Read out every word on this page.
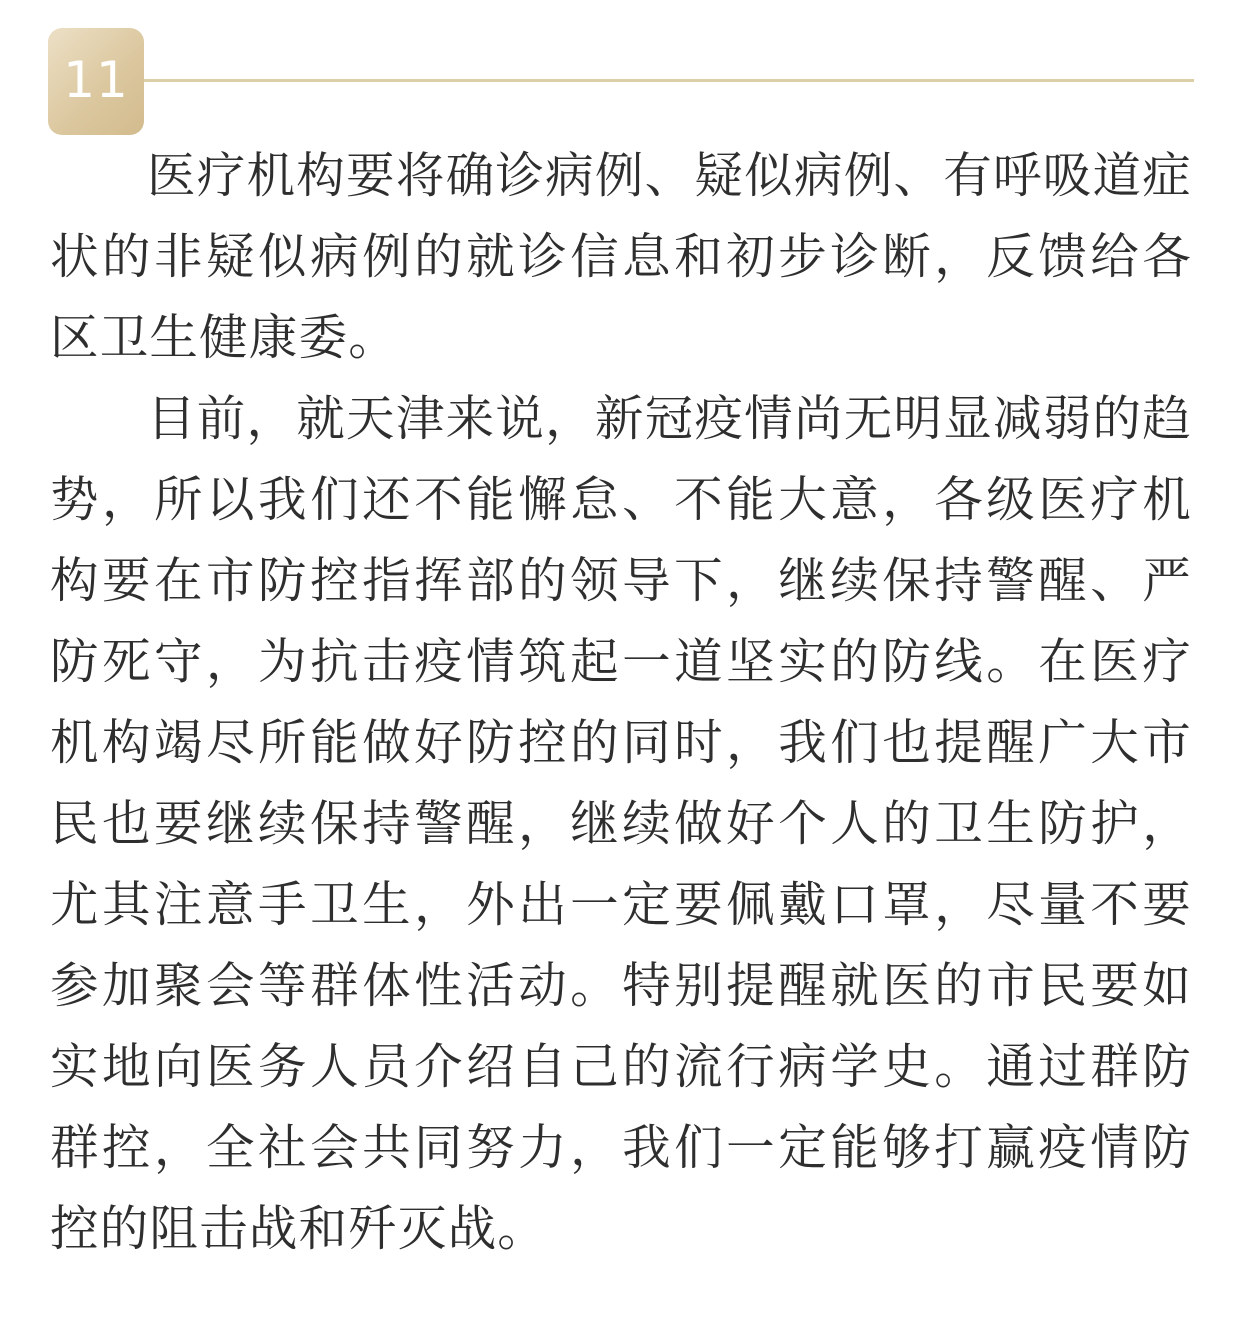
11

医疗机构要将确诊病例、疑似病例、有呼吸道症状的非疑似病例的就诊信息和初步诊断，反馈给各区卫生健康委。

目前，就天津来说，新冠疫情尚无明显减弱的趋势，所以我们还不能懈怠、不能大意，各级医疗机构要在市防控指挥部的领导下，继续保持警醒、严防死守，为抗击疫情筑起一道坚实的防线。在医疗机构竭尽所能做好防控的同时，我们也提醒广大市民也要继续保持警醒，继续做好个人的卫生防护，尤其注意手卫生，外出一定要佩戴口罩，尽量不要参加聚会等群体性活动。特别提醒就医的市民要如实地向医务人员介绍自己的流行病学史。通过群防群控，全社会共同努力，我们一定能够打赢疫情防控的阻击战和歼灭战。
